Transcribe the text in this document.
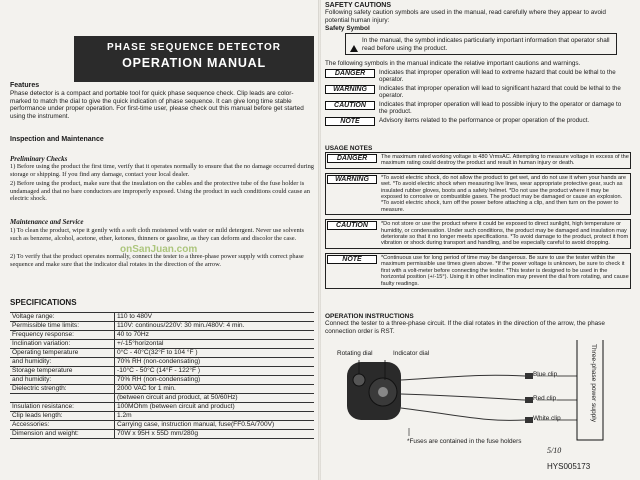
PHASE SEQUENCE DETECTOR
OPERATION MANUAL
Features

Phase detector is a compact and portable tool for quick phase sequence check. Clip leads are color-marked to match the dial to give the quick indication of phase sequence. It can give long time stable performance under proper operation. For first-time user, please check out this manual before get started using the instrument.

Inspection and Maintenance
Preliminary Checks

1) Before using the product the first time, verify that it operates normally to ensure that the no damage occurred during storage or shipping. If you find any damage, contact your local dealer.

2) Before using the product, make sure that the insulation on the cables and the protective tube of the fuse holder is undamaged and that no bare conductors are improperly exposed. Using the product in such conditions could cause an electric shock.

Maintenance and Service

1) To clean the product, wipe it gently with a soft cloth moistened with water or mild detergent. Never use solvents such as benzene, alcohol, acetone, ether, ketones, thinners or gasoline, as they can deform and discolor the case.

2) To verify that the product operates normally, connect the tester to a three-phase power supply with correct phase sequence and make sure that the indicator dial rotates in the direction of the arrow.

onSanJuan.com
SPECIFICATIONS
Voltage range:	110 to 480V
Permissible time limits:	110V: continous/220V: 30 min./480V: 4 min.
Frequency response:	40 to 70Hz
Inclination variation:	+/-15°horizontal
Operating temperature	0°C - 40°C(32°F to 104 °F )
and humidity:	70% RH (non-condensating)
Storage temperature	-10°C - 50°C (14°F - 122°F )
and humidity:	70% RH (non-condensating)
Dielectric strength:	2000 VAC for 1 min.
	(between circuit and product, at 50/60Hz)
Insulation resistance:	100MOhm (between circuit and product)
Clip leads length:	1.2m
Accessories:	Carrying case, instruction manual, fuse(FF0.5A/700V)
Dimension and weight:	70W x 95H x 55D mm/280g
SAFETY CAUTIONS

Following safety caution symbols are used in the manual, read carefully where they appear to avoid potential human injury:

Safety Symbol

In the manual, the symbol indicates particularly important information that operator shall read before using the product.

The following symbols in the manual indicate the relative important cautions and warnings.

DANGER	Indicates that improper operation will lead to extreme hazard that could be lethal to the operator.

WARNING	Indicates that improper operation will lead to significant hazard that could be lethal to the operator.

CAUTION	Indicates that improper operation will lead to possible injury to the operator or damage to the product.

NOTE	Advisory items related to the performance or proper operation of the product.

USAGE NOTES
DANGER	The maximum rated working voltage is 480 VrmsAC. Attempting to measure voltage in excess of the maximum rating could destroy the product and result in human injury or death.

WARNING	*To avoid electric shock, do not allow the product to get wet, and do not use it when your hands are wet. *To avoid electric shock when measuring live lines, wear appropriate protective gear, such as insulated rubber gloves, boots and a safety helmet. *Do not use the product where it may be exposed to corrosive or combustible gases. The product may be damaged or cause an explosion. *To avoid electric shock, turn off the power before attaching a clip, and then turn on the power to measure.

CAUTION	*Do not store or use the product where it could be exposed to direct sunlight, high temperature or humidity, or condensation. Under such conditions, the product may be damaged and insulation may deteriorate so that it no longer meets specifications. *To avoid damage to the product, protect it from vibration or shock during transport and handling, and be especially careful to avoid dropping.

NOTE	*Continuous use for long period of time may be dangerous. Be sure to use the tester within the maximum permissible use times given above. *If the power voltage is unknown, be sure to check it first with a volt-meter before connecting the tester. *This tester is designed to be used in the horizontal position (+/-15°). Using it in other inclination may prevent the dial from rotating, and cause faulty readings.

OPERATION INSTRUCTIONS

Connect the tester to a three-phase circuit. If the dial rotates in the direction of the arrow, the phase connection order is RST.

Rotating dial	Indicator dial
Blue clip
Red clip
White clip	Three-phase power supply
*Fuses are contained in the fuse holders
5/10
HYS005173
